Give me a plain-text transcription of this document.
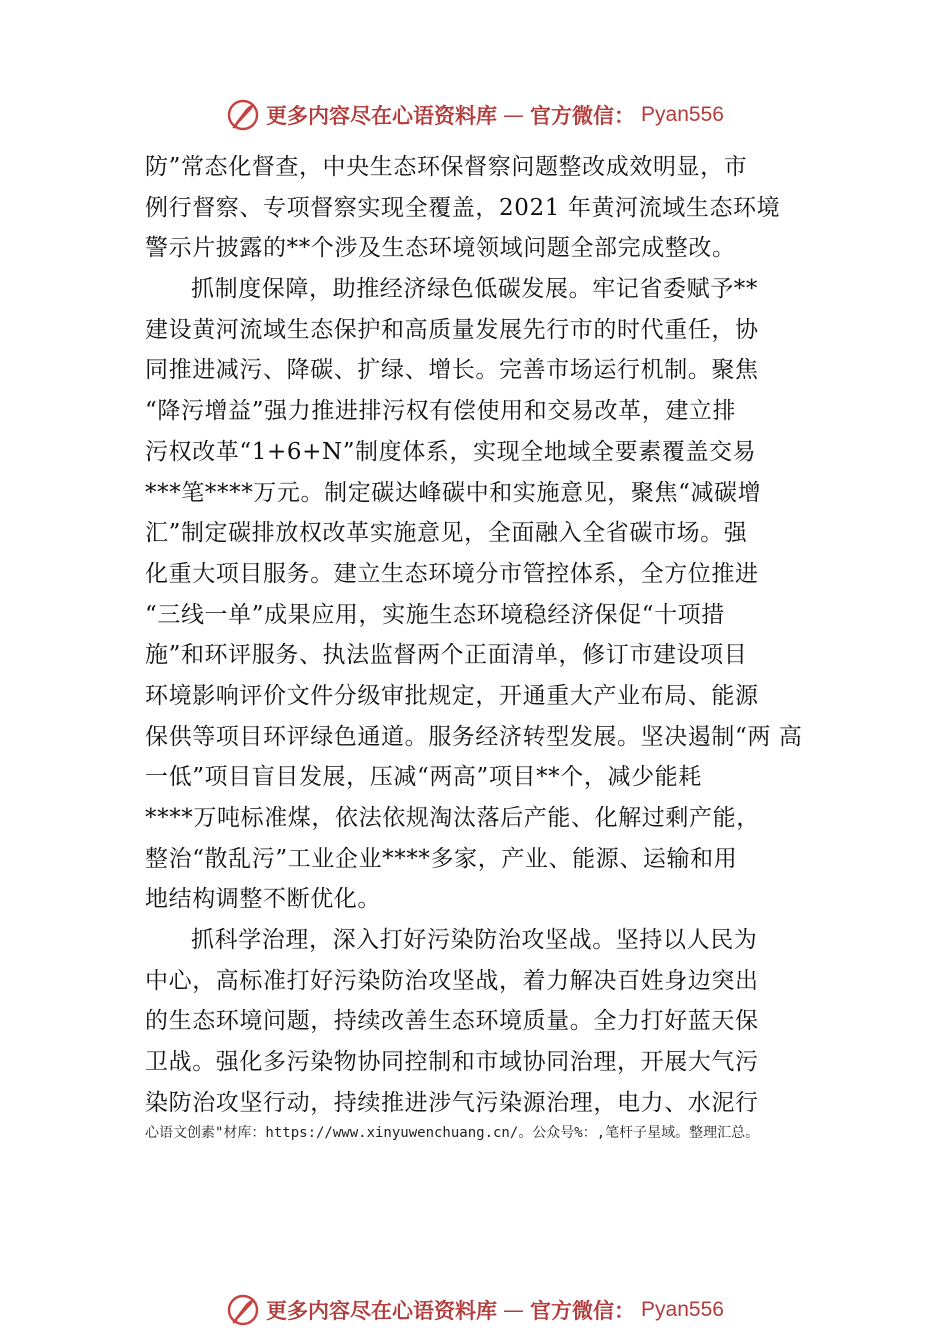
更多内容尽在心语资料库 — 官方微信： Pyan556
防”常态化督查，中央生态环保督察问题整改成效明显，市
例行督察、专项督察实现全覆盖，2021 年黄河流域生态环境
警示片披露的**个涉及生态环境领域问题全部完成整改。
抓制度保障，助推经济绿色低碳发展。牢记省委赋予**
建设黄河流域生态保护和高质量发展先行市的时代重任，协
同推进减污、降碳、扩绿、增长。完善市场运行机制。聚焦
“降污增益”强力推进排污权有偿使用和交易改革，建立排
污权改革“1+6+N”制度体系，实现全地域全要素覆盖交易
***笔****万元。制定碳达峰碳中和实施意见，聚焦“减碳增
汇”制定碳排放权改革实施意见，全面融入全省碳市场。强
化重大项目服务。建立生态环境分市管控体系，全方位推进
“三线一单”成果应用，实施生态环境稳经济保促“十项措
施”和环评服务、执法监督两个正面清单，修订市建设项目
环境影响评价文件分级审批规定，开通重大产业布局、能源
保供等项目环评绿色通道。服务经济转型发展。坚决遏制“两 高
一低”项目盲目发展，压减“两高”项目**个，减少能耗
****万吨标准煤，依法依规淘汰落后产能、化解过剩产能，
整治“散乱污”工业企业****多家，产业、能源、运输和用
地结构调整不断优化。
抓科学治理，深入打好污染防治攻坚战。坚持以人民为
中心，高标准打好污染防治攻坚战，着力解决百姓身边突出
的生态环境问题，持续改善生态环境质量。全力打好蓝天保
卫战。强化多污染物协同控制和市域协同治理，开展大气污
染防治攻坚行动，持续推进涉气污染源治理，电力、水泥行
心语文创素"材库：https://www.xinyuwenchuang.cn/。公众号%：,笔杆子星域。整理汇总。
更多内容尽在心语资料库 — 官方微信： Pyan556
